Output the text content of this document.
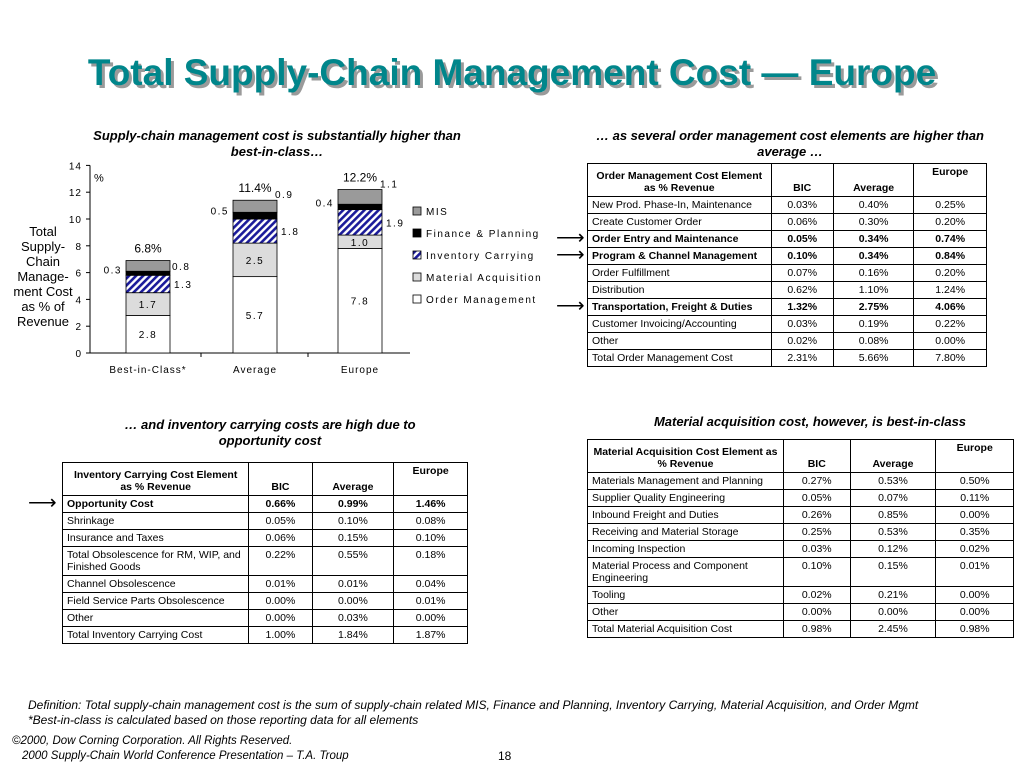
Total Supply-Chain Management Cost — Europe
Supply-chain management cost is substantially higher than best-in-class…
Total
Supply-
Chain
Manage-
ment Cost
as % of
Revenue
0
2
4
6
8
10
12
14
%
Best-in-Class*	Average	Europe
2.8
1.7
1.3
0.3	0.8
6.8%
5.7
2.5
1.8
0.5
0.9
11.4%
7.8
1.0
1.9
0.4
1.1
12.2%
MIS
Finance & Planning
Inventory Carrying
Material Acquisition
Order Management
… as several order management cost elements are higher than average …
Order Management Cost Element as % Revenue	BIC	Average	Europe
New Prod. Phase-In, Maintenance	0.03%	0.40%	0.25%
Create Customer Order	0.06%	0.30%	0.20%
Order Entry and Maintenance	0.05%	0.34%	0.74%
Program & Channel Management	0.10%	0.34%	0.84%
Order Fulfillment	0.07%	0.16%	0.20%
Distribution	0.62%	1.10%	1.24%
Transportation, Freight & Duties	1.32%	2.75%	4.06%
Customer Invoicing/Accounting	0.03%	0.19%	0.22%
Other	0.02%	0.08%	0.00%
Total Order Management Cost	2.31%	5.66%	7.80%
⟶
⟶
⟶
… and inventory carrying costs are high due to opportunity cost
Inventory Carrying Cost Element as % Revenue	BIC	Average	Europe
Opportunity Cost	0.66%	0.99%	1.46%
Shrinkage	0.05%	0.10%	0.08%
Insurance and Taxes	0.06%	0.15%	0.10%
Total Obsolescence for RM, WIP, and Finished Goods	0.22%	0.55%	0.18%
Channel Obsolescence	0.01%	0.01%	0.04%
Field Service Parts Obsolescence	0.00%	0.00%	0.01%
Other	0.00%	0.03%	0.00%
Total Inventory Carrying Cost	1.00%	1.84%	1.87%
⟶
Material acquisition cost, however, is best-in-class
Material Acquisition Cost Element as % Revenue	BIC	Average	Europe
Materials Management and Planning	0.27%	0.53%	0.50%
Supplier Quality Engineering	0.05%	0.07%	0.11%
Inbound Freight and Duties	0.26%	0.85%	0.00%
Receiving and Material Storage	0.25%	0.53%	0.35%
Incoming Inspection	0.03%	0.12%	0.02%
Material Process and Component Engineering	0.10%	0.15%	0.01%
Tooling	0.02%	0.21%	0.00%
Other	0.00%	0.00%	0.00%
Total Material Acquisition Cost	0.98%	2.45%	0.98%
Definition: Total supply-chain management cost is the sum of supply-chain related MIS, Finance and Planning, Inventory Carrying, Material Acquisition, and Order Mgmt
*Best-in-class is calculated based on those reporting data for all elements
©2000, Dow Corning Corporation. All Rights Reserved.
2000 Supply-Chain World Conference Presentation – T.A. Troup	18
